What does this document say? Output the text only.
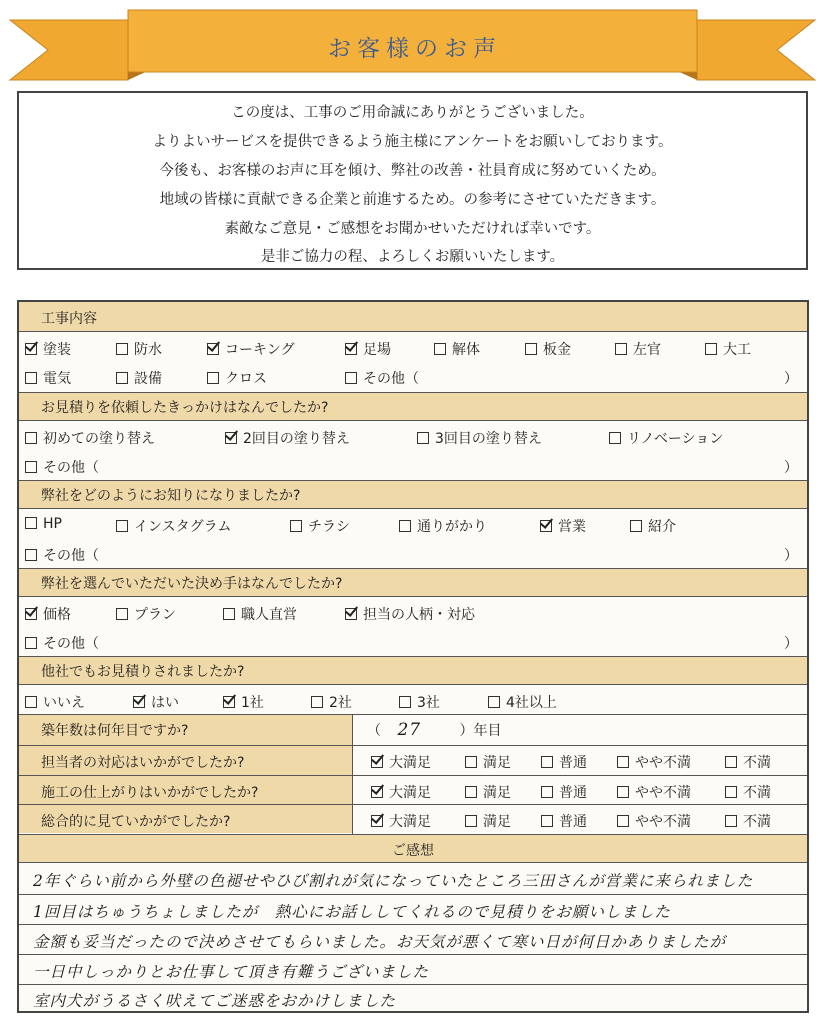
お客様のお声
この度は、工事のご用命誠にありがとうございました。
よりよいサービスを提供できるよう施主様にアンケートをお願いしております。
今後も、お客様のお声に耳を傾け、弊社の改善・社員育成に努めていくため。
地域の皆様に貢献できる企業と前進するため。の参考にさせていただきます。
素敵なご意見・ご感想をお聞かせいただければ幸いです。
是非ご協力の程、よろしくお願いいたします。
工事内容
塗装	防水	コーキング	足場	解体	板金	左官	大工
電気	設備	クロス	その他（	）
お見積りを依頼したきっかけはなんでしたか?
初めての塗り替え	2回目の塗り替え	3回目の塗り替え	リノベーション
その他（	）
弊社をどのようにお知りになりましたか?
HP	インスタグラム	チラシ	通りがかり	営業	紹介
その他（	）
弊社を選んでいただいた決め手はなんでしたか?
価格	プラン	職人直営	担当の人柄・対応
その他（	）
他社でもお見積りされましたか?
いいえ	はい	1社	2社	3社	4社以上
築年数は何年目ですか?	（ 27	）年目
担当者の対応はいかがでしたか?	大満足	満足	普通	やや不満	不満
施工の仕上がりはいかがでしたか?	大満足	満足	普通	やや不満	不満
総合的に見ていかがでしたか?	大満足	満足	普通	やや不満	不満
ご感想
2年ぐらい前から外壁の色褪せやひび割れが気になっていたところ三田さんが営業に来られました
1回目はちゅうちょしましたが　熱心にお話ししてくれるので見積りをお願いしました
金額も妥当だったので決めさせてもらいました。お天気が悪くて寒い日が何日かありましたが
一日中しっかりとお仕事して頂き有難うございました
室内犬がうるさく吠えてご迷惑をおかけしました
